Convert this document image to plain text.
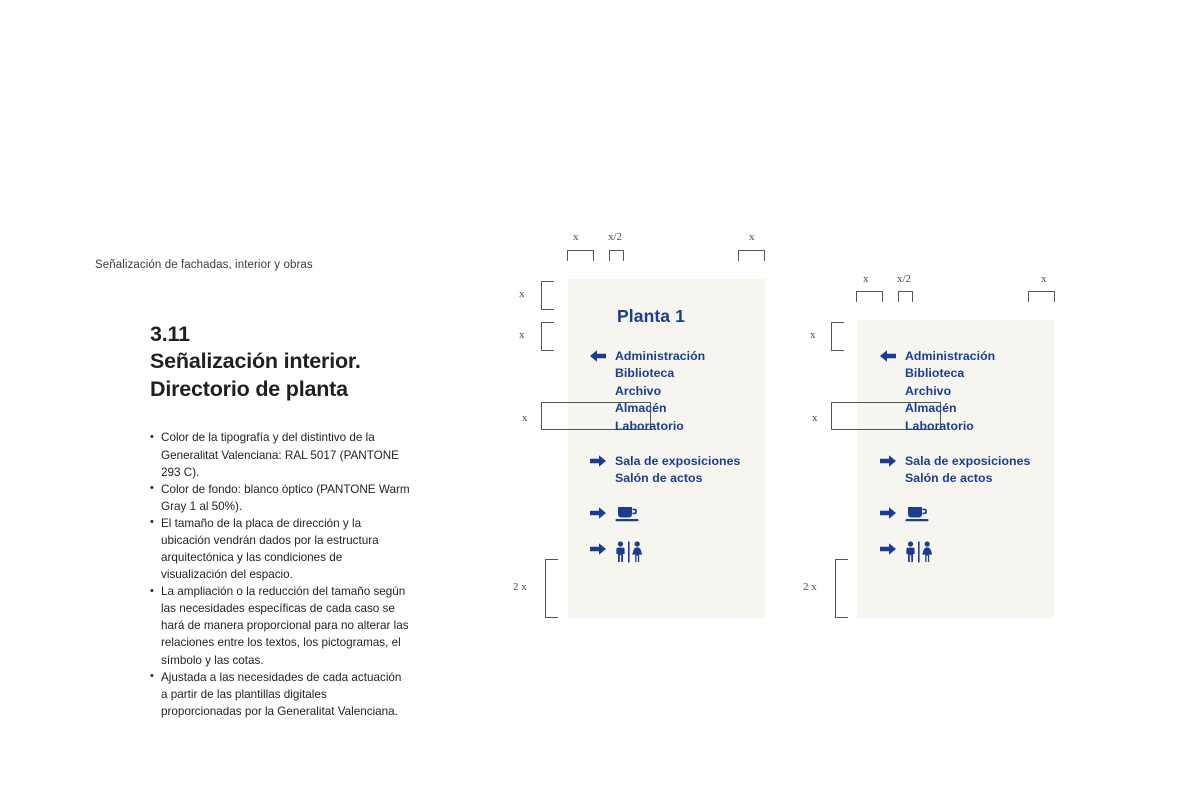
Señalización de fachadas, interior y obras
3.11
Señalización interior.
Directorio de planta
• Color de la tipografía y del distintivo de la Generalitat Valenciana: RAL 5017 (PANTONE 293 C).
• Color de fondo: blanco óptico (PANTONE Warm Gray 1 al 50%).
• El tamaño de la placa de dirección y la ubicación vendrán dados por la estructura arquitectónica y las condiciones de visualización del espacio.
• La ampliación o la reducción del tamaño según las necesidades específicas de cada caso se hará de manera proporcional para no alterar las relaciones entre los textos, los pictogramas, el símbolo y las cotas.
• Ajustada a las necesidades de cada actuación a partir de las plantillas digitales proporcionadas por la Generalitat Valenciana.
x	x/2	x
x
x
x
2 x
Planta 1
Administración
Biblioteca
Archivo
Almacén
Laboratorio
Sala de exposiciones
Salón de actos
x	x/2	x
x
x
2 x
Administración
Biblioteca
Archivo
Almacén
Laboratorio
Sala de exposiciones
Salón de actos
